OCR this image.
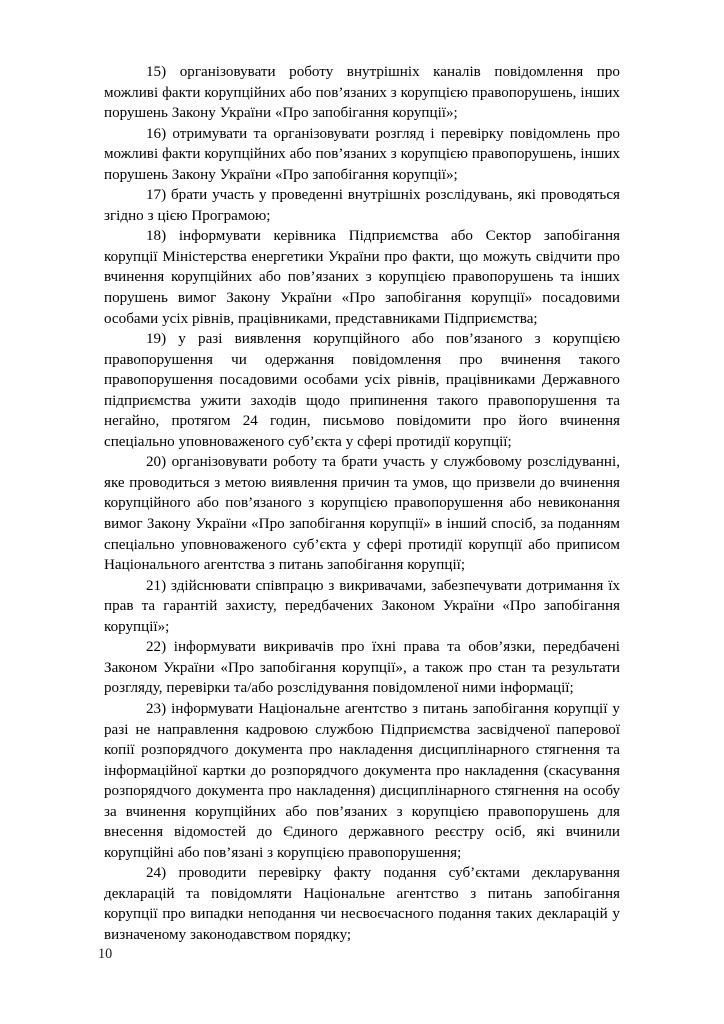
15) організовувати роботу внутрішніх каналів повідомлення про можливі факти корупційних або пов’язаних з корупцією правопорушень, інших порушень Закону України «Про запобігання корупції»;

16) отримувати та організовувати розгляд і перевірку повідомлень про можливі факти корупційних або пов’язаних з корупцією правопорушень, інших порушень Закону України «Про запобігання корупції»;

17) брати участь у проведенні внутрішніх розслідувань, які проводяться згідно з цією Програмою;

18) інформувати керівника Підприємства або Сектор запобігання корупції Міністерства енергетики України про факти, що можуть свідчити про вчинення корупційних або пов’язаних з корупцією правопорушень та інших порушень вимог Закону України «Про запобігання корупції» посадовими особами усіх рівнів, працівниками, представниками Підприємства;

19) у разі виявлення корупційного або пов’язаного з корупцією правопорушення чи одержання повідомлення про вчинення такого правопорушення посадовими особами усіх рівнів, працівниками Державного підприємства ужити заходів щодо припинення такого правопорушення та негайно, протягом 24 годин, письмово повідомити про його вчинення спеціально уповноваженого суб’єкта у сфері протидії корупції;

20) організовувати роботу та брати участь у службовому розслідуванні, яке проводиться з метою виявлення причин та умов, що призвели до вчинення корупційного або пов’язаного з корупцією правопорушення або невиконання вимог Закону України «Про запобігання корупції» в інший спосіб, за поданням спеціально уповноваженого суб’єкта у сфері протидії корупції або приписом Національного агентства з питань запобігання корупції;

21) здійснювати співпрацю з викривачами, забезпечувати дотримання їх прав та гарантій захисту, передбачених Законом України «Про запобігання корупції»;

22) інформувати викривачів про їхні права та обов’язки, передбачені Законом України «Про запобігання корупції», а також про стан та результати розгляду, перевірки та/або розслідування повідомленої ними інформації;

23) інформувати Національне агентство з питань запобігання корупції у разі не направлення кадровою службою Підприємства засвідченої паперової копії розпорядчого документа про накладення дисциплінарного стягнення та інформаційної картки до розпорядчого документа про накладення (скасування розпорядчого документа про накладення) дисциплінарного стягнення на особу за вчинення корупційних або пов’язаних з корупцією правопорушень для внесення відомостей до Єдиного державного реєстру осіб, які вчинили корупційні або пов’язані з корупцією правопорушення;

24) проводити перевірку факту подання суб’єктами декларування декларацій та повідомляти Національне агентство з питань запобігання корупції про випадки неподання чи несвоєчасного подання таких декларацій у визначеному законодавством порядку;

10
